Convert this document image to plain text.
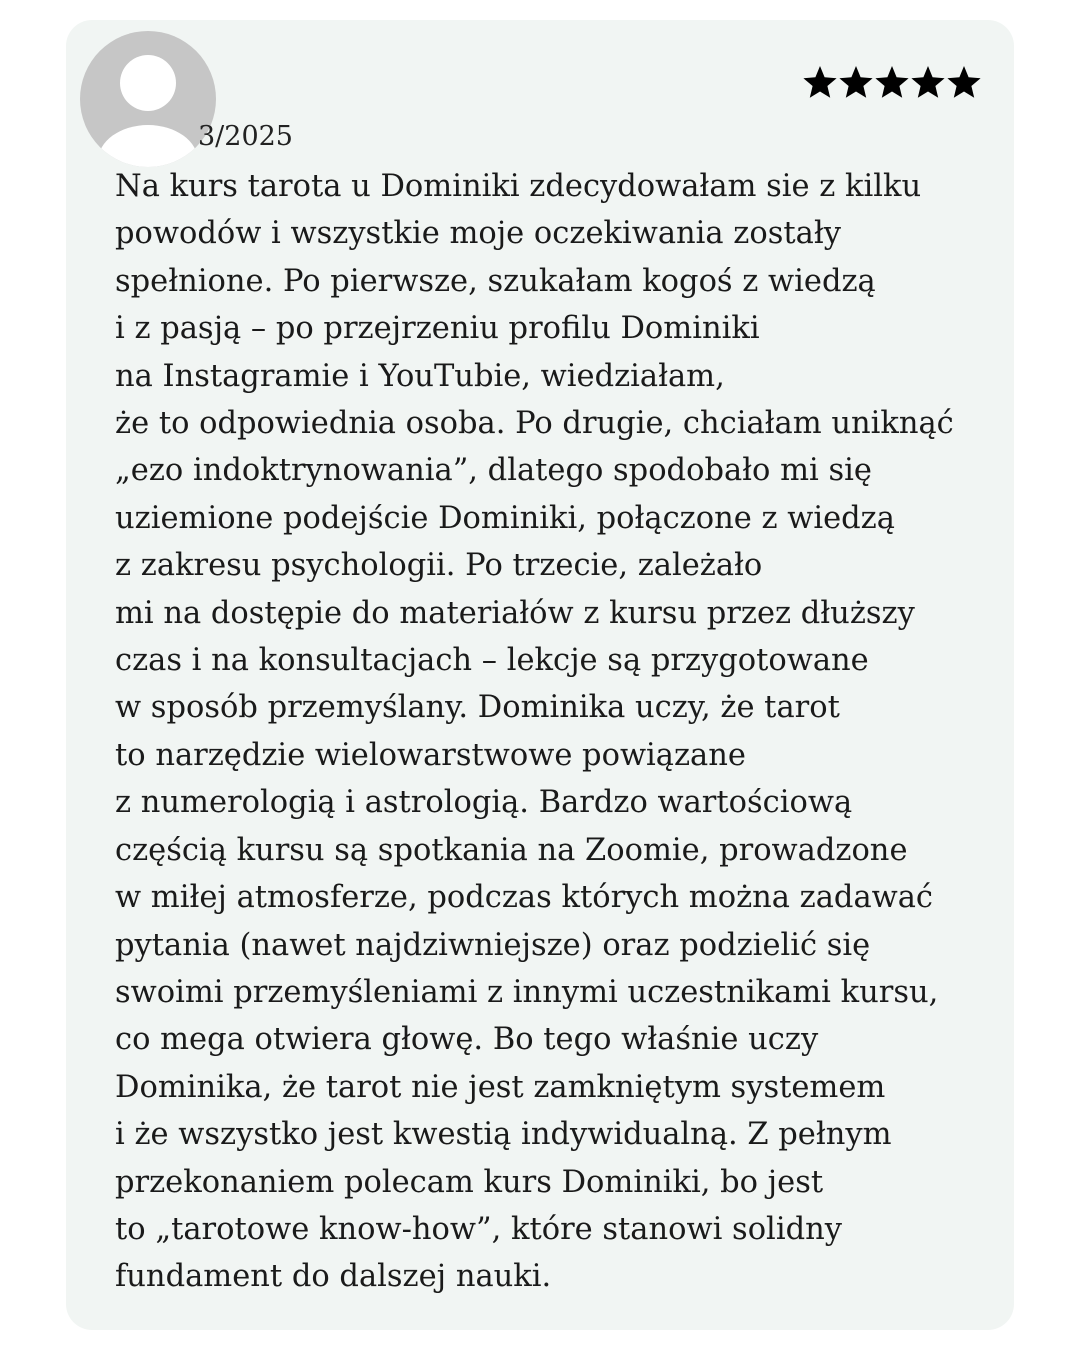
3/2025

Na kurs tarota u Dominiki zdecydowałam sie z kilku
powodów i wszystkie moje oczekiwania zostały
spełnione. Po pierwsze, szukałam kogoś z wiedzą
i z pasją – po przejrzeniu profilu Dominiki
na Instagramie i YouTubie, wiedziałam,
że to odpowiednia osoba. Po drugie, chciałam uniknąć
„ezo indoktrynowania”, dlatego spodobało mi się
uziemione podejście Dominiki, połączone z wiedzą
z zakresu psychologii. Po trzecie, zależało
mi na dostępie do materiałów z kursu przez dłuższy
czas i na konsultacjach – lekcje są przygotowane
w sposób przemyślany. Dominika uczy, że tarot
to narzędzie wielowarstwowe powiązane
z numerologią i astrologią. Bardzo wartościową
częścią kursu są spotkania na Zoomie, prowadzone
w miłej atmosferze, podczas których można zadawać
pytania (nawet najdziwniejsze) oraz podzielić się
swoimi przemyśleniami z innymi uczestnikami kursu,
co mega otwiera głowę. Bo tego właśnie uczy
Dominika, że tarot nie jest zamkniętym systemem
i że wszystko jest kwestią indywidualną. Z pełnym
przekonaniem polecam kurs Dominiki, bo jest
to „tarotowe know-how”, które stanowi solidny
fundament do dalszej nauki.
